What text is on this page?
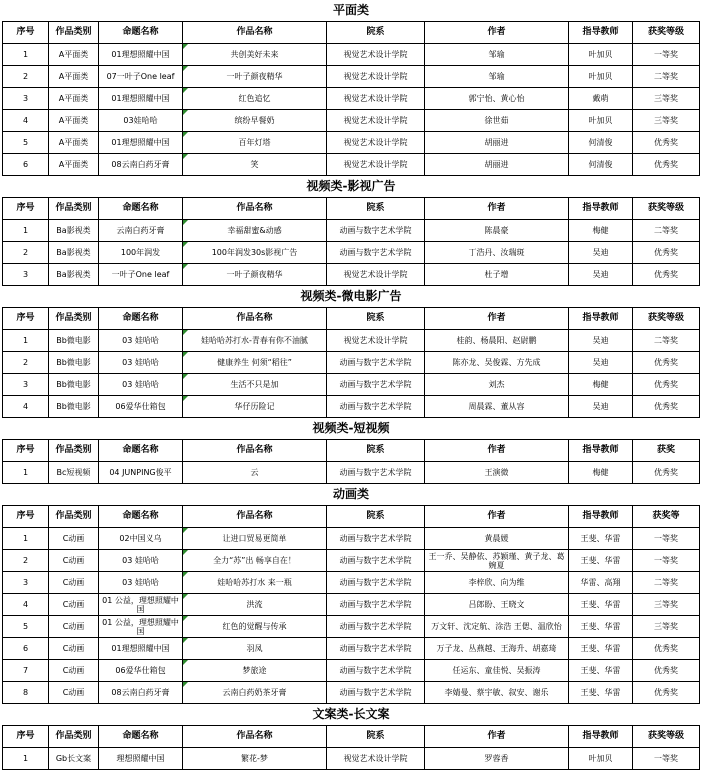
平面类							
序号	作品类别	命题名称	作品名称	院系	作者	指导教师	获奖等级
1	A平面类	01理想照耀中国	共创美好未来	视觉艺术设计学院	邹瑜	叶加贝	一等奖
2	A平面类	07一叶子One leaf	一叶子颜夜精华	视觉艺术设计学院	邹瑜	叶加贝	二等奖
3	A平面类	01理想照耀中国	红色追忆	视觉艺术设计学院	郭宁怡、黄心怡	戴萌	三等奖
4	A平面类	03娃哈哈	缤纷早餐奶	视觉艺术设计学院	徐世茹	叶加贝	三等奖
5	A平面类	01理想照耀中国	百年灯塔	视觉艺术设计学院	胡丽进	何清俊	优秀奖
6	A平面类	08云南白药牙膏	笑	视觉艺术设计学院	胡丽进	何清俊	优秀奖
视频类-影视广告							
序号	作品类别	命题名称	作品名称	院系	作者	指导教师	获奖等级
1	Ba影视类	云南白药牙膏	幸福甜蜜&动感	动画与数字艺术学院	陈晨豪	梅健	二等奖
2	Ba影视类	100年润发	100年润发30s影视广告	动画与数字艺术学院	丁浩丹、汝瑞斑	吴迪	优秀奖
3	Ba影视类	一叶子One leaf	一叶子颜夜精华	视觉艺术设计学院	杜子增	吴迪	优秀奖
视频类-微电影广告							
序号	作品类别	命题名称	作品名称	院系	作者	指导教师	获奖等级
1	Bb微电影	03 娃哈哈	娃哈哈苏打水-青春有你不油腻	视觉艺术设计学院	桂韵、杨晨阳、赵尉鹏	吴迪	二等奖
2	Bb微电影	03 娃哈哈	健康养生 何须“稻往”	动画与数字艺术学院	陈亦龙、吴俊霖、方先成	吴迪	优秀奖
3	Bb微电影	03 娃哈哈	生活不只是加	动画与数字艺术学院	刘杰	梅健	优秀奖
4	Bb微电影	06爱华仕箱包	华仔历险记	动画与数字艺术学院	周晨霖、董从容	吴迪	优秀奖
视频类-短视频							
序号	作品类别	命题名称	作品名称	院系	作者	指导教师	获奖
1	Bc短视频	04 JUNPING俊平	云	动画与数字艺术学院	王演微	梅健	优秀奖
动画类							
序号	作品类别	命题名称	作品名称	院系	作者	指导教师	获奖等
1	C动画	02中国义乌	让进口贸易更简单	动画与数字艺术学院	黄晨媛	王斐、华雷	一等奖
2	C动画	03 娃哈哈	全力“苏”出 畅享自在！	动画与数字艺术学院	王一乔、吴静依、苏颖瑾、黄子龙、葛婉夏	王斐、华雷	一等奖
3	C动画	03 娃哈哈	娃哈哈苏打水 来一瓶	动画与数字艺术学院	李梓欣、向为维	华雷、高翔	二等奖
4	C动画	01 公益，理想照耀中国	洪流	动画与数字艺术学院	吕郎盼、王晓文	王斐、华雷	三等奖
5	C动画	01 公益，理想照耀中国	红色的觉醒与传承	动画与数字艺术学院	万文轩、沈定航、涂浩 王偲、温欣怡	王斐、华雷	三等奖
6	C动画	01理想照耀中国	羽凤	动画与数字艺术学院	万子龙、丛燕越、王海升、胡嘉琦	王斐、华雷	优秀奖
7	C动画	06爱华仕箱包	梦旅途	动画与数字艺术学院	任运东、童佳悦、吴振涛	王斐、华雷	优秀奖
8	C动画	08云南白药牙膏	云南白药奶茶牙膏	动画与数字艺术学院	李婧曼、蔡宇敏、叙安、谢乐	王斐、华雷	优秀奖
文案类-长文案							
序号	作品类别	命题名称	作品名称	院系	作者	指导教师	获奖等级
1	Gb长文案	理想照耀中国	繁花-梦	视觉艺术设计学院	罗蓉香	叶加贝	一等奖
